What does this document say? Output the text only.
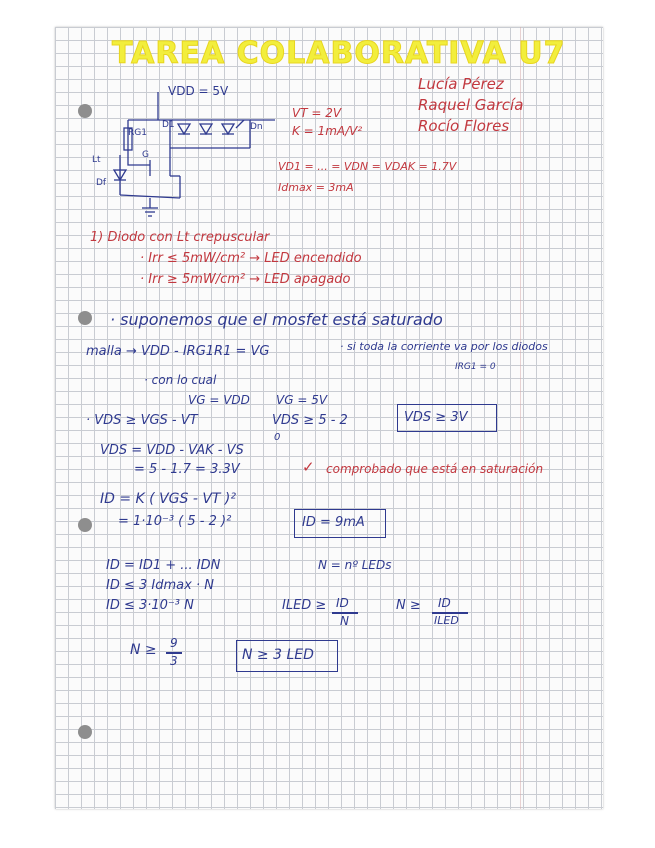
TAREA COLABORATIVA U7
Lucía Pérez
Raquel García
Rocío Flores
VDD = 5V
RG1
D1	Dn
G
Lt
Df
VT = 2V
K = 1mA/V²
VD1 = ... = VDN = VDAK = 1.7V
Idmax = 3mA
1) Diodo con Lt crepuscular
· Irr ≤ 5mW/cm² → LED encendido
· Irr ≥ 5mW/cm² → LED apagado
· suponemos que el mosfet está saturado
malla → VDD - IRG1R1 = VG	· si toda la corriente va por los diodos
IRG1 = 0
· con lo cual
VG = VDD VG = 5V
· VDS ≥ VGS - VT	VDS ≥ 5 - 2	VDS ≥ 3V
VDS = VDD - VAK - VS
0
= 5 - 1.7 = 3.3V	✓ comprobado que está en saturación
ID = K ( VGS - VT )²
= 1·10⁻³ ( 5 - 2 )²	ID = 9mA
ID = ID1 + ... IDN	N = nº LEDs
ID ≤ 3 Idmax · N
ID ≤ 3·10⁻³ N	ILED ≥ ID
N
N ≥ ID
ILED
N ≥ 9
3	N ≥ 3 LED
